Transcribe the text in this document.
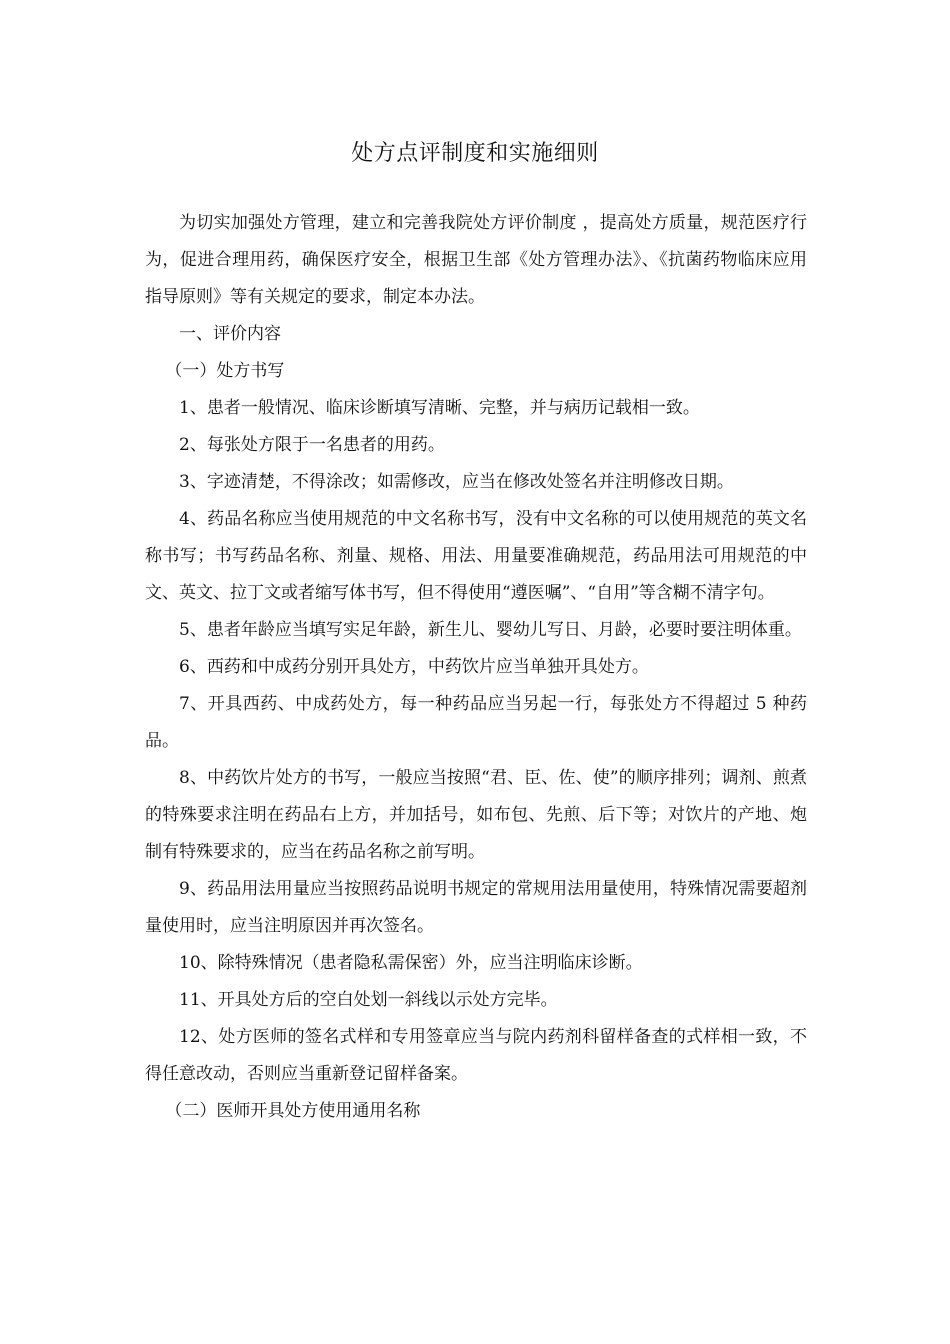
处方点评制度和实施细则

为切实加强处方管理，建立和完善我院处方评价制度 ，提高处方质量，规范医疗行为，促进合理用药，确保医疗安全，根据卫生部《处方管理办法》、《抗菌药物临床应用指导原则》等有关规定的要求，制定本办法。

一、评价内容

（一）处方书写

1、患者一般情况、临床诊断填写清晰、完整，并与病历记载相一致。

2、每张处方限于一名患者的用药。

3、字迹清楚，不得涂改；如需修改，应当在修改处签名并注明修改日期。

4、药品名称应当使用规范的中文名称书写，没有中文名称的可以使用规范的英文名称书写；书写药品名称、剂量、规格、用法、用量要准确规范，药品用法可用规范的中文、英文、拉丁文或者缩写体书写，但不得使用“遵医嘱”、“自用”等含糊不清字句。

5、患者年龄应当填写实足年龄，新生儿、婴幼儿写日、月龄，必要时要注明体重。

6、西药和中成药分别开具处方，中药饮片应当单独开具处方。

7、开具西药、中成药处方，每一种药品应当另起一行，每张处方不得超过 5 种药品。

8、中药饮片处方的书写，一般应当按照“君、臣、佐、使”的顺序排列；调剂、煎煮的特殊要求注明在药品右上方，并加括号，如布包、先煎、后下等；对饮片的产地、炮制有特殊要求的，应当在药品名称之前写明。

9、药品用法用量应当按照药品说明书规定的常规用法用量使用，特殊情况需要超剂量使用时，应当注明原因并再次签名。

10、除特殊情况（患者隐私需保密）外，应当注明临床诊断。

11、开具处方后的空白处划一斜线以示处方完毕。

12、处方医师的签名式样和专用签章应当与院内药剂科留样备查的式样相一致，不得任意改动，否则应当重新登记留样备案。

（二）医师开具处方使用通用名称
